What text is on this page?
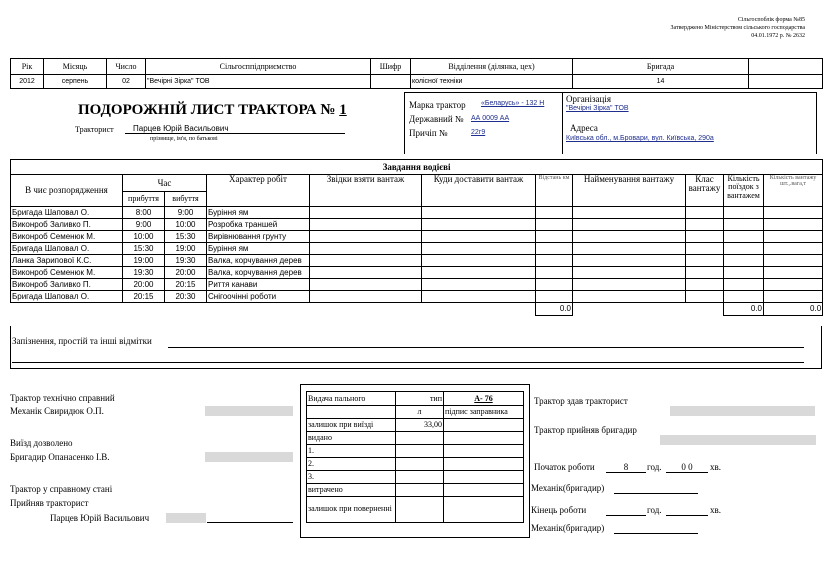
Сільгоспоблік форма №85
Затверджено Міністерством сільського господарства
04.01.1972 р. № 2632
Рік	Місяць	Число	Сільгосппідприємство	Шифр	Відділення (ділянка, цех)	Бригада	
2012	серпень	02	"Вечірні Зірка" ТОВ		колісної техніки	14	
ПОДОРОЖНІЙ ЛИСТ ТРАКТОРА № 1
Тракторист Парцев Юрій Васильович
прізвище, ім'я, по батькові
Марка трактор «Беларусь» - 132 Н
Державний № АА 0009 АА
Причіп №	22г9
Організація
"Вечірні Зірка" ТОВ
Адреса
Київська обл., м.Бровари, вул. Київська, 290а
Завдання водієві										
В чиє розпорядження	Час		Характер робіт	Звідки взяти вантаж	Куди доставити вантаж	Відстань км	Найменування вантажу	Клас вантажу	Кількість поїздок з вантажем	Кількість вантажу шт.,.вага,т
	прибуття	вибуття								
Бригада Шаповал О.	8:00	9:00	Буріння ям							
Виконроб Заливко П.	9:00	10:00	Розробка траншей							
Виконроб Семенюк М.	10:00	15:30	Вирівнювання грунту							
Бригада Шаповал О.	15:30	19:00	Буріння ям							
Ланка Зарипової К.С.	19:00	19:30	Валка, корчування дерев							
Виконроб Семенюк М.	19:30	20:00	Валка, корчування дерев							
Виконроб Заливко П.	20:00	20:15	Риття канави							
Бригада Шаповал О.	20:15	20:30	Снігоочінні роботи							
						0.0			0.0	0.0
Запізнення, простій та інші відмітки
Трактор технічно справний
Механік Свиридюк О.П.
Виїзд дозволено
Бригадир Опанасенко І.В.
Трактор у справному стані
Прийняв тракторист
Парцев Юрій Васильович
Видача пального	тип	А- 76
	л	підпис заправника
залишок при виїзді	33,00	
видано		
1.		
2.		
3.		
витрачено		
залишок при поверненні		
Трактор здав тракторист
Трактор прийняв бригадир
Початок роботи	8	год.	0 0	хв.
Механік(бригадир)
Кінець роботи	год.	хв.
Механік(бригадир)
